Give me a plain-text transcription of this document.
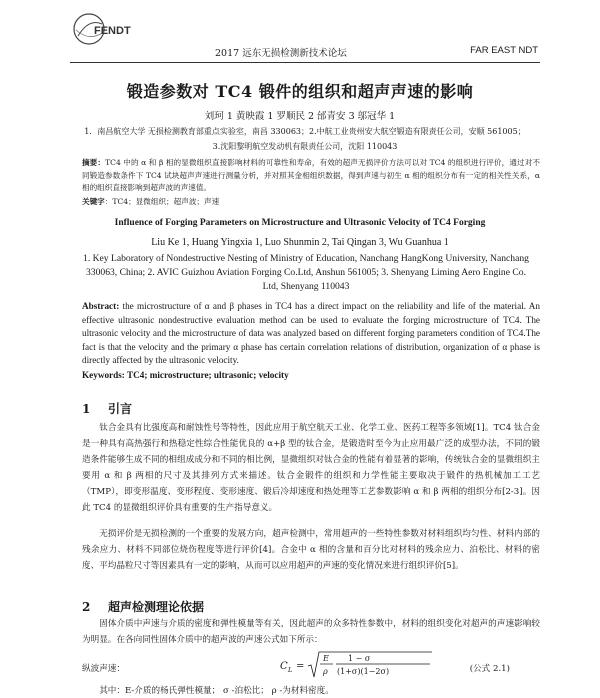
FENDT
2017 远东无损检测新技术论坛	FAR EAST NDT
锻造参数对 TC4 锻件的组织和超声声速的影响
刘珂 1 黄映霞 1 罗顺民 2 邰青安 3 邬冠华 1
1．南昌航空大学 无损检测教育部重点实验室，南昌 330063；2.中航工业贵州安大航空锻造有限责任公司，安顺 561005；
3.沈阳黎明航空发动机有限责任公司，沈阳 110043
摘要：TC4 中的 α 和 β 相的显微组织直接影响材料的可靠性和寿命，有效的超声无损评价方法可以对 TC4 的组织进行评价，通过对不同锻造参数条件下 TC4 试块超声声速进行测量分析，并对照其金相组织数据，得到声速与初生 α 相的组织分布有一定的相关性关系，α 相的组织直接影响到超声波的声速值。
关键字：TC4；显微组织；超声波；声速
Influence of Forging Parameters on Microstructure and Ultrasonic Velocity of TC4 Forging
Liu Ke 1, Huang Yingxia 1, Luo Shunmin 2, Tai Qingan 3, Wu Guanhua 1
1. Key Laboratory of Nondestructive Nesting of Ministry of Education, Nanchang HangKong University, Nanchang 330063, China; 2. AVIC Guizhou Aviation Forging Co.Ltd, Anshun 561005; 3. Shenyang Liming Aero Engine Co. Ltd, Shenyang 110043
Abstract: the microstructure of α and β phases in TC4 has a direct impact on the reliability and life of the material. An effective ultrasonic nondestructive evaluation method can be used to evaluate the forging microstructure of TC4. The ultrasonic velocity and the microstructure of data was analyzed based on different forging parameters condition of TC4.The fact is that the velocity and the primary α phase has certain correlation relations of distribution, organization of α phase is directly affected by the ultrasonic velocity.
Keywords: TC4; microstructure; ultrasonic; velocity
1 引言
钛合金具有比强度高和耐蚀性号等特性，因此应用于航空航天工业、化学工业、医药工程等多领域[1]。TC4 钛合金是一种具有高热强行和热稳定性综合性能优良的 α+β 型的钛合金，是锻造时至今为止应用最广泛的成型办法，不同的锻造条件能够生成不同的相组成成分和不同的相比例，显微组织对钛合金的性能有着显著的影响，传统钛合金的显微组织主要用 α 和 β 两相的尺寸及其排列方式来描述。钛合金锻件的组织和力学性能主要取决于锻件的热机械加工工艺（TMP），即变形温度、变形程度、变形速度、锻后冷却速度和热处理等工艺参数影响 α 和 β 两相的组织分布[2-3]。因此 TC4 的显微组织评价具有重要的生产指导意义。
无损评价是无损检测的一个重要的发展方向，超声检测中，常用超声的一些特性参数对材料组织均匀性、材料内部的残余应力、材料不同部位烧伤程度等进行评价[4]。合金中 α 相的含量和百分比对材料的残余应力、泊松比、材料的密度、平均晶粒尺寸等因素具有一定的影响，从而可以应用超声的声速的变化情况来进行组织评价[5]。
2 超声检测理论依据
固体介质中声速与介质的密度和弹性模量等有关，因此超声的众多特性参数中，材料的组织变化对超声的声速影响较为明显。在各向同性固体介质中的超声波的声速公式如下所示：
纵波声速：	C L =
E
ρ
1 − σ
(1+σ)(1−2σ)	(公式 2.1)
其中：E-介质的杨氏弹性模量； σ -泊松比； ρ -为材料密度。
